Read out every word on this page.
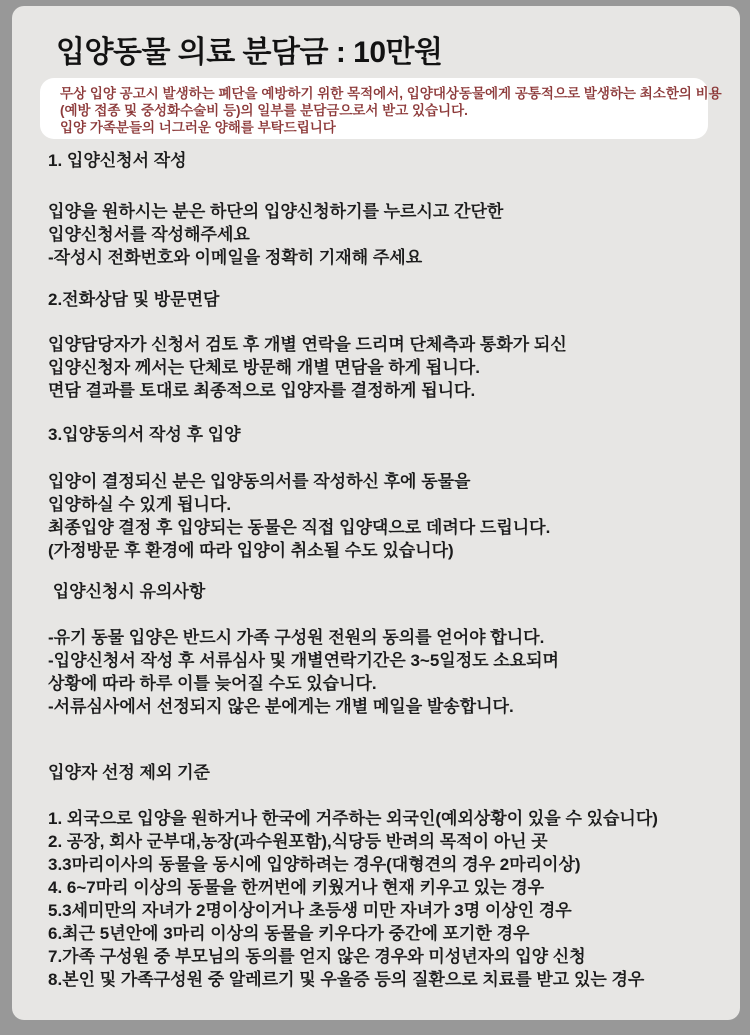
입양동물 의료 분담금 : 10만원
무상 입양 공고시 발생하는 폐단을 예방하기 위한 목적에서, 입양대상동물에게 공통적으로 발생하는 최소한의 비용
(예방 접종 및 중성화수술비 등)의 일부를 분담금으로서 받고 있습니다.
입양 가족분들의 너그러운 양해를 부탁드립니다
1. 입양신청서 작성
입양을 원하시는 분은 하단의 입양신청하기를 누르시고 간단한
입양신청서를 작성해주세요
-작성시 전화번호와 이메일을 정확히 기재해 주세요
2.전화상담 및 방문면담
입양담당자가 신청서 검토 후 개별 연락을 드리며 단체측과 통화가 되신
입양신청자 께서는 단체로 방문해 개별 면담을 하게 됩니다.
면담 결과를 토대로 최종적으로 입양자를 결정하게 됩니다.
3.입양동의서 작성 후 입양
입양이 결정되신 분은 입양동의서를 작성하신 후에 동물을
입양하실 수 있게 됩니다.
최종입양 결정 후 입양되는 동물은 직접 입양댁으로 데려다 드립니다.
(가정방문 후 환경에 따라 입양이 취소될 수도 있습니다)
입양신청시 유의사항
-유기 동물 입양은 반드시 가족 구성원 전원의 동의를 얻어야 합니다.
-입양신청서 작성 후 서류심사 및 개별연락기간은 3~5일정도 소요되며
상황에 따라 하루 이틀 늦어질 수도 있습니다.
-서류심사에서 선정되지 않은 분에게는 개별 메일을 발송합니다.
입양자 선정 제외 기준
1. 외국으로 입양을 원하거나 한국에 거주하는 외국인(예외상황이 있을 수 있습니다)
2. 공장, 회사 군부대,농장(과수원포함),식당등 반려의 목적이 아닌 곳
3.3마리이사의 동물을 동시에 입양하려는 경우(대형견의 경우 2마리이상)
4. 6~7마리 이상의 동물을 한꺼번에 키웠거나 현재 키우고 있는 경우
5.3세미만의 자녀가 2명이상이거나 초등생 미만 자녀가 3명 이상인 경우
6.최근 5년안에 3마리 이상의 동물을 키우다가 중간에 포기한 경우
7.가족 구성원 중 부모님의 동의를 얻지 않은 경우와 미성년자의 입양 신청
8.본인 및 가족구성원 중 알레르기 및 우울증 등의 질환으로 치료를 받고 있는 경우
